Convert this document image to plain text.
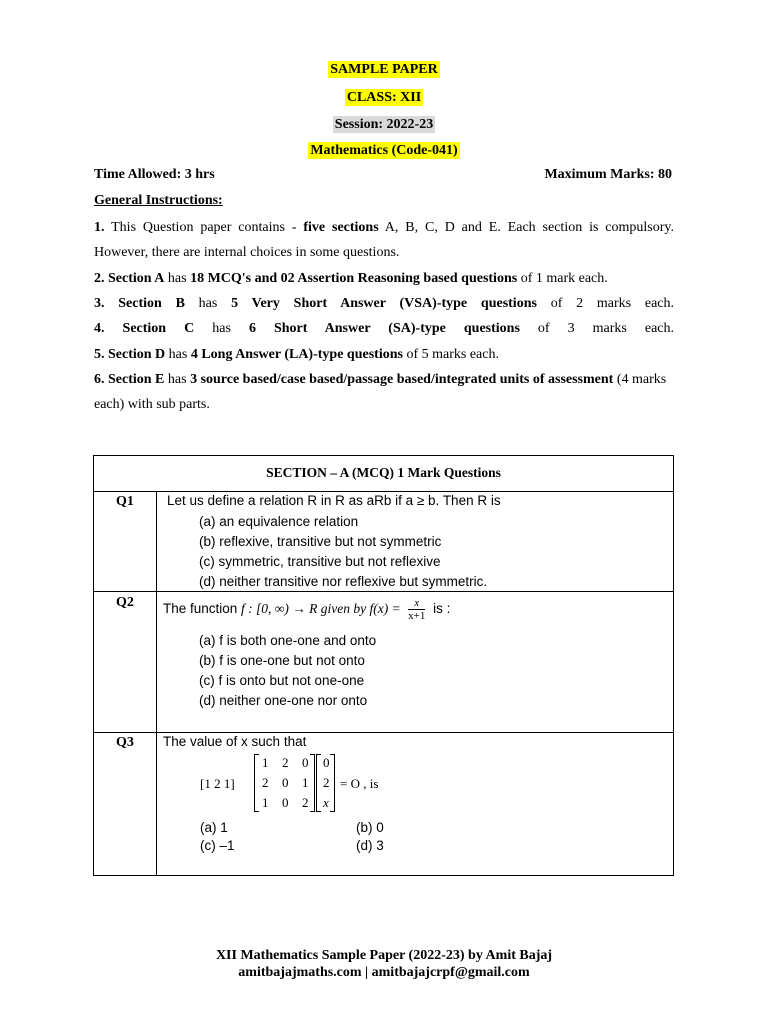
SAMPLE PAPER
CLASS: XII
Session: 2022-23
Mathematics (Code-041)
Time Allowed: 3 hrs	Maximum Marks: 80
General Instructions:
1. This Question paper contains - five sections A, B, C, D and E. Each section is compulsory. However, there are internal choices in some questions.
2. Section A has 18 MCQ's and 02 Assertion Reasoning based questions of 1 mark each.
3. Section B has 5 Very Short Answer (VSA)-type questions of 2 marks each.
4. Section C has 6 Short Answer (SA)-type questions of 3 marks each.
5. Section D has 4 Long Answer (LA)-type questions of 5 marks each.
6. Section E has 3 source based/case based/passage based/integrated units of assessment (4 marks each) with sub parts.
SECTION – A (MCQ) 1 Mark Questions
Q1	Let us define a relation R in R as aRb if a ≥ b. Then R is
(a) an equivalence relation
(b) reflexive, transitive but not symmetric
(c) symmetric, transitive but not reflexive
(d) neither transitive nor reflexive but symmetric.
Q2	The function f : [0, ∞) → R given by $f(x) = \frac{x}{x+1}$ is :
(a) f is both one-one and onto
(b) f is one-one but not onto
(c) f is onto but not one-one
(d) neither one-one nor onto
Q3	The value of x such that
[1 2 1]
1 2 0
2 0 1
1 0 2
0
2
x
= O , is
(a) 1	(b) 0
(c) –1	(d) 3
XII Mathematics Sample Paper (2022-23) by Amit Bajaj
amitbajajmaths.com | amitbajajcrpf@gmail.com
